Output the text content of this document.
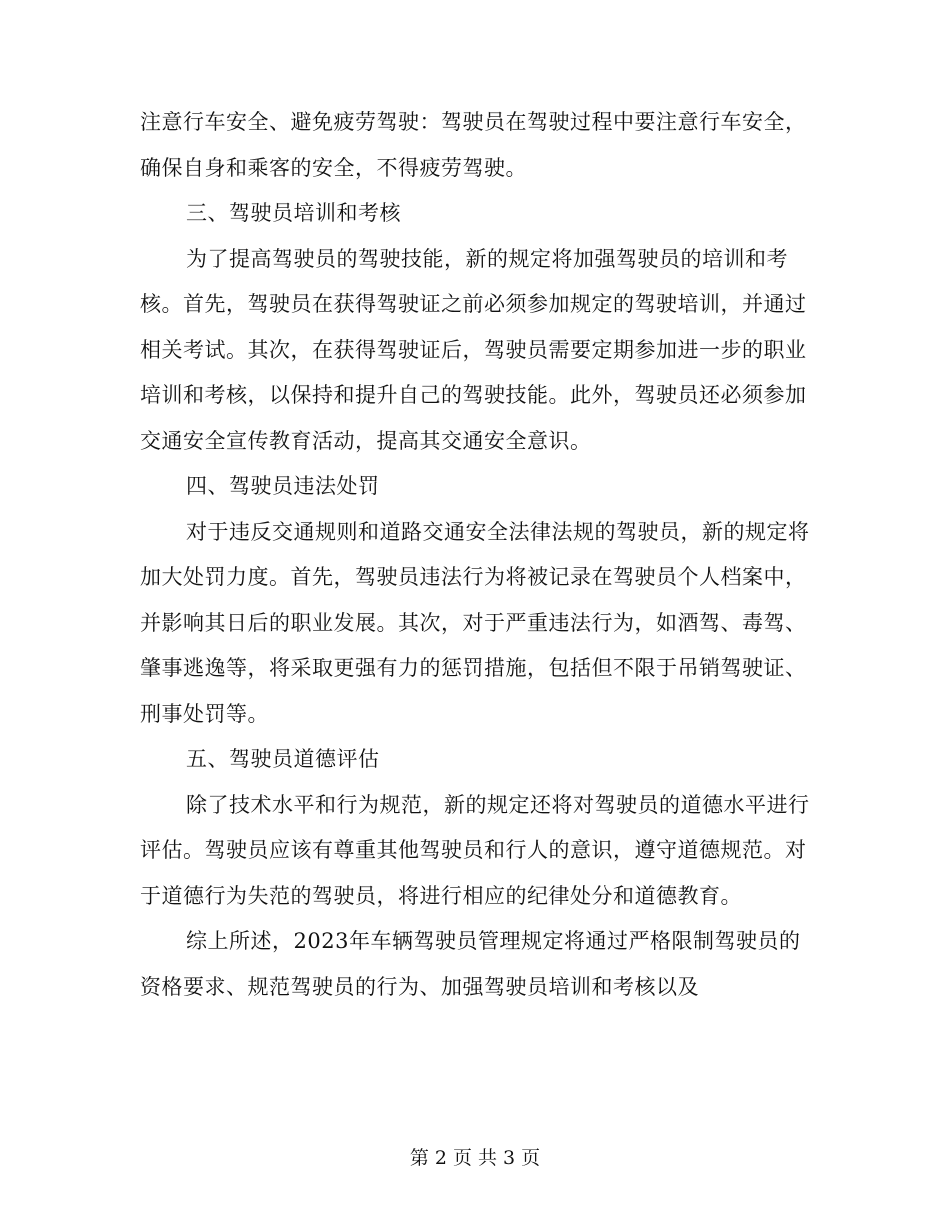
注意行车安全、避免疲劳驾驶：驾驶员在驾驶过程中要注意行车安全，确保自身和乘客的安全，不得疲劳驾驶。

三、驾驶员培训和考核

为了提高驾驶员的驾驶技能，新的规定将加强驾驶员的培训和考核。首先，驾驶员在获得驾驶证之前必须参加规定的驾驶培训，并通过相关考试。其次，在获得驾驶证后，驾驶员需要定期参加进一步的职业培训和考核，以保持和提升自己的驾驶技能。此外，驾驶员还必须参加交通安全宣传教育活动，提高其交通安全意识。

四、驾驶员违法处罚

对于违反交通规则和道路交通安全法律法规的驾驶员，新的规定将加大处罚力度。首先，驾驶员违法行为将被记录在驾驶员个人档案中，并影响其日后的职业发展。其次，对于严重违法行为，如酒驾、毒驾、肇事逃逸等，将采取更强有力的惩罚措施，包括但不限于吊销驾驶证、刑事处罚等。

五、驾驶员道德评估

除了技术水平和行为规范，新的规定还将对驾驶员的道德水平进行评估。驾驶员应该有尊重其他驾驶员和行人的意识，遵守道德规范。对于道德行为失范的驾驶员，将进行相应的纪律处分和道德教育。

综上所述，2023年车辆驾驶员管理规定将通过严格限制驾驶员的资格要求、规范驾驶员的行为、加强驾驶员培训和考核以及

第 2 页 共 3 页
